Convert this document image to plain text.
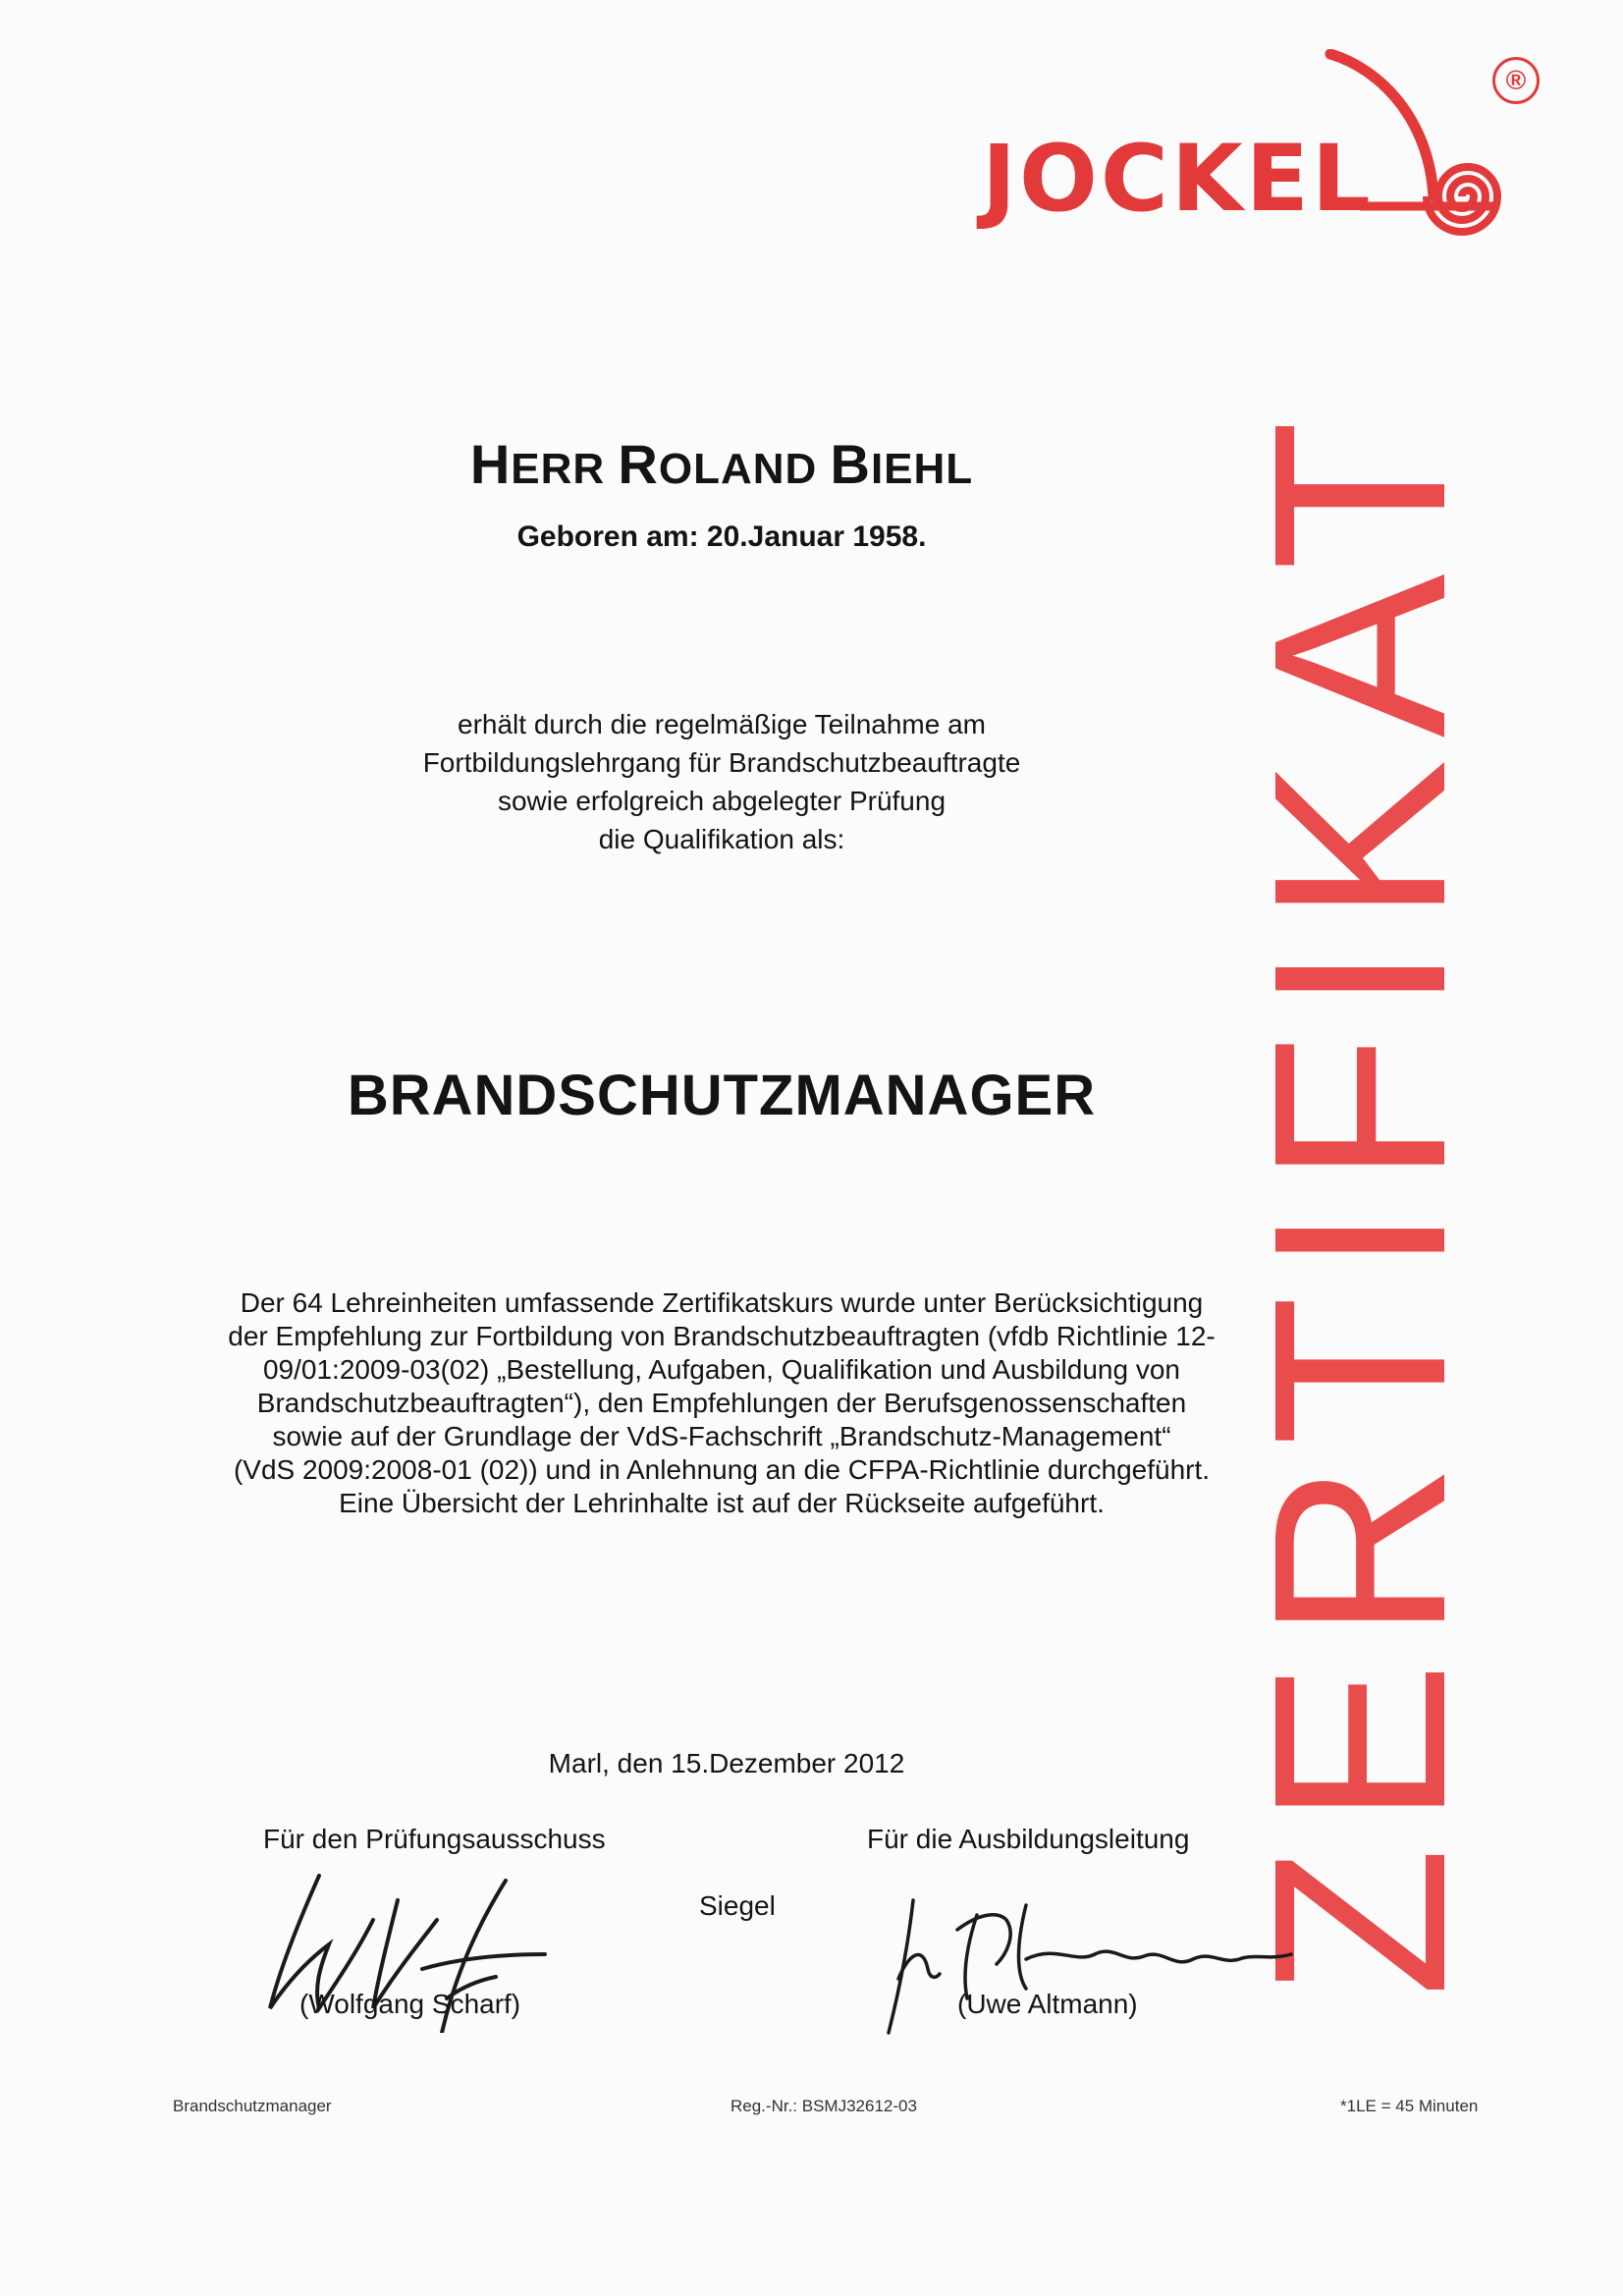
JOCKEL
®
ZERTIFIKAT
HERR ROLAND BIEHL
Geboren am: 20.Januar 1958.
erhält durch die regelmäßige Teilnahme am
Fortbildungslehrgang für Brandschutzbeauftragte
sowie erfolgreich abgelegter Prüfung
die Qualifikation als:
BRANDSCHUTZMANAGER
Der 64 Lehreinheiten umfassende Zertifikatskurs wurde unter Berücksichtigung
der Empfehlung zur Fortbildung von Brandschutzbeauftragten (vfdb Richtlinie 12-
09/01:2009-03(02) „Bestellung, Aufgaben, Qualifikation und Ausbildung von
Brandschutzbeauftragten“), den Empfehlungen der Berufsgenossenschaften
sowie auf der Grundlage der VdS-Fachschrift „Brandschutz-Management“
(VdS 2009:2008-01 (02)) und in Anlehnung an die CFPA-Richtlinie durchgeführt.
Eine Übersicht der Lehrinhalte ist auf der Rückseite aufgeführt.
Marl, den 15.Dezember 2012
Für den Prüfungsausschuss	Für die Ausbildungsleitung
Siegel
(Wolfgang Scharf)	(Uwe Altmann)
Brandschutzmanager	Reg.-Nr.: BSMJ32612-03	*1LE = 45 Minuten
